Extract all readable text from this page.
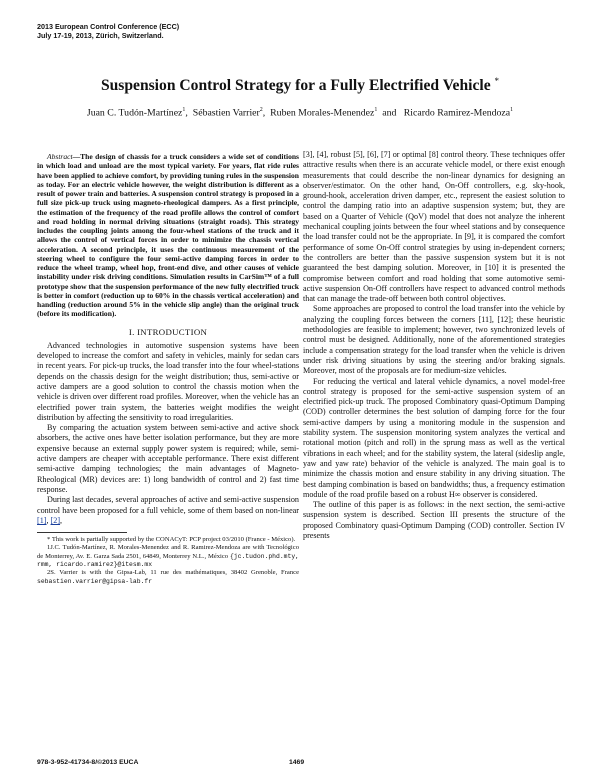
2013 European Control Conference (ECC)
July 17-19, 2013, Zürich, Switzerland.
Suspension Control Strategy for a Fully Electrified Vehicle *
Juan C. Tudón-Martínez$^1$,  Sébastien Varrier$^2$,  Ruben Morales-Menendez$^1$  and   Ricardo Ramirez-Mendoza$^1$

Abstract—The design of chassis for a truck considers a wide set of conditions in which load and unload are the most typical variety. For years, flat ride rules have been applied to achieve comfort, by providing tuning rules in the suspension as today. For an electric vehicle however, the weight distribution is different as a result of power train and batteries. A suspension control strategy is proposed in a full size pick-up truck using magneto-rheological dampers. As a first principle, the estimation of the frequency of the road profile allows the control of comfort and road holding in normal driving situations (straight roads). This strategy includes the coupling joints among the four-wheel stations of the truck and it allows the control of vertical forces in order to minimize the chassis vertical acceleration. A second principle, it uses the continuous measurement of the steering wheel to configure the four semi-active damping forces in order to reduce the wheel tramp, wheel hop, front-end dive, and other causes of vehicle instability under risk driving conditions. Simulation results in CarSim™ of a full prototype show that the suspension performance of the new fully electrified truck is better in comfort (reduction up to 60% in the chassis vertical acceleration) and handling (reduction around 5% in the vehicle slip angle) than the original truck (before its modification).

I. INTRODUCTION

Advanced technologies in automotive suspension systems have been developed to increase the comfort and safety in vehicles, mainly for sedan cars in recent years. For pick-up trucks, the load transfer into the four wheel-stations depends on the chassis design for the weight distribution; thus, semi-active or active dampers are a good solution to control the chassis motion when the vehicle is driven over different road profiles. Moreover, when the vehicle has an electrified power train system, the batteries weight modifies the weight distribution by affecting the sensitivity to road irregularities.

By comparing the actuation system between semi-active and active shock absorbers, the active ones have better isolation performance, but they are more expensive because an external supply power system is required; while, semi-active dampers are cheaper with acceptable performance. There exist different semi-active damping technologies; the main advantages of Magneto-Rheological (MR) devices are: 1) long bandwidth of control and 2) fast time response.

During last decades, several approaches of active and semi-active suspension control have been proposed for a full vehicle, some of them based on non-linear [1], [2],

* This work is partially supported by the CONACyT: PCP project 03/2010 (France - México).

1J.C. Tudón-Martínez, R. Morales-Menendez and R. Ramirez-Mendoza are with Tecnológico de Monterrey, Av. E. Garza Sada 2501, 64849, Monterrey N.L., México {jc.tudon.phd.mty, rmm, ricardo.ramirez}@itesm.mx

2S. Varrier is with the Gipsa-Lab, 11 rue des mathématiques, 38402 Grenoble, France sebastien.varrier@gipsa-lab.fr

[3], [4], robust [5], [6], [7] or optimal [8] control theory. These techniques offer attractive results when there is an accurate vehicle model, or there exist enough measurements that could describe the non-linear dynamics for designing an observer/estimator. On the other hand, On-Off controllers, e.g. sky-hook, ground-hook, acceleration driven damper, etc., represent the easiest solution to control the damping ratio into an adaptive suspension system; but, they are based on a Quarter of Vehicle (QoV) model that does not analyze the inherent mechanical coupling joints between the four wheel stations and by consequence the load transfer could not be the appropriate. In [9], it is compared the comfort performance of some On-Off control strategies by using in-dependent corners; the controllers are better than the passive suspension system but it is not guaranteed the best damping solution. Moreover, in [10] it is presented the compromise between comfort and road holding that some automotive semi-active suspension On-Off controllers have respect to advanced control methods that can manage the trade-off between both control objectives.

Some approaches are proposed to control the load transfer into the vehicle by analyzing the coupling forces between the corners [11], [12]; these heuristic methodologies are feasible to implement; however, two synchronized levels of control must be designed. Additionally, none of the aforementioned strategies include a compensation strategy for the load transfer when the vehicle is driven under risk driving situations by using the steering and/or braking signals. Moreover, most of the proposals are for medium-size vehicles.

For reducing the vertical and lateral vehicle dynamics, a novel model-free control strategy is proposed for the semi-active suspension system of an electrified pick-up truck. The proposed Combinatory quasi-Optimum Damping (COD) controller determines the best solution of damping force for the four semi-active dampers by using a monitoring module in the suspension and stability system. The suspension monitoring system analyzes the vertical and rotational motion (pitch and roll) in the sprung mass as well as the vertical vibrations in each wheel; and for the stability system, the lateral (sideslip angle, yaw and yaw rate) behavior of the vehicle is analyzed. The main goal is to minimize the chassis motion and ensure stability in any driving situation. The best damping combination is based on bandwidths; thus, a frequency estimation module of the road profile based on a robust H∞ observer is considered.

The outline of this paper is as follows: in the next section, the semi-active suspension system is described. Section III presents the structure of the proposed Combinatory quasi-Optimum Damping (COD) controller. Section IV presents

978-3-952-41734-8/©2013 EUCA	1469
